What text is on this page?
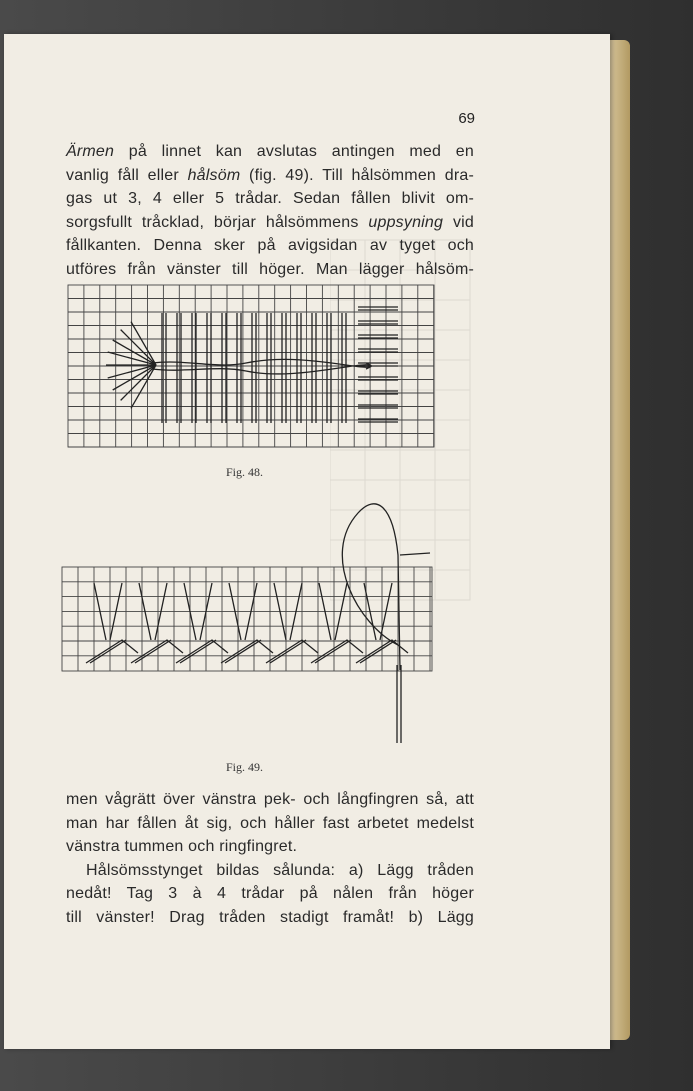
69
Ärmen på linnet kan avslutas antingen med en
vanlig fåll eller hålsöm (fig. 49). Till hålsömmen dra-
gas ut 3, 4 eller 5 trådar. Sedan fållen blivit om-
sorgsfullt tråcklad, börjar hålsömmens uppsyning vid
fållkanten. Denna sker på avigsidan av tyget och
utföres från vänster till höger. Man lägger hålsöm-
Fig. 48.
Fig. 49.
men vågrätt över vänstra pek- och långfingren så, att
man har fållen åt sig, och håller fast arbetet medelst
vänstra tummen och ringfingret.
Hålsömsstynget bildas sålunda: a) Lägg tråden
nedåt! Tag 3 à 4 trådar på nålen från höger
till vänster! Drag tråden stadigt framåt! b) Lägg
